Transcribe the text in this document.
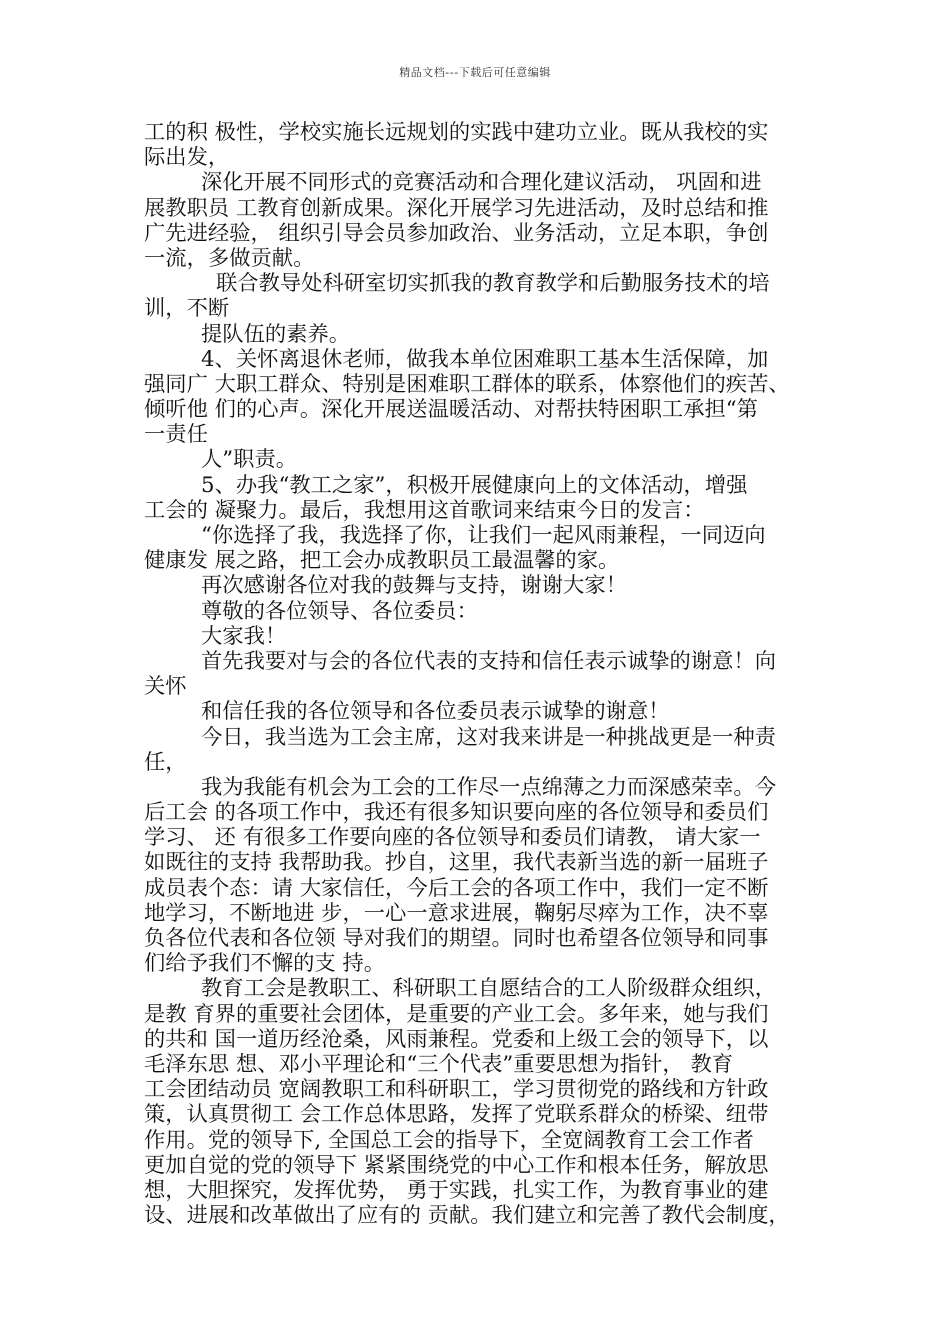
精品文档---下载后可任意编辑
工的积 极性，学校实施长远规划的实践中建功立业。既从我校的实
际出发，
深化开展不同形式的竞赛活动和合理化建议活动， 巩固和进
展教职员 工教育创新成果。深化开展学习先进活动，及时总结和推
广先进经验， 组织引导会员参加政治、业务活动，立足本职，争创
一流，多做贡献。
联合教导处科研室切实抓我的教育教学和后勤服务技术的培
训，不断
提队伍的素养。
4、关怀离退休老师，做我本单位困难职工基本生活保障，加
强同广 大职工群众、特别是困难职工群体的联系，体察他们的疾苦、
倾听他 们的心声。深化开展送温暖活动、对帮扶特困职工承担“第
一责任
人”职责。
5、办我“教工之家”，积极开展健康向上的文体活动，增强
工会的 凝聚力。最后，我想用这首歌词来结束今日的发言：
“你选择了我，我选择了你，让我们一起风雨兼程，一同迈向
健康发 展之路，把工会办成教职员工最温馨的家。
再次感谢各位对我的鼓舞与支持，谢谢大家！
尊敬的各位领导、各位委员：
大家我！
首先我要对与会的各位代表的支持和信任表示诚挚的谢意！向
关怀
和信任我的各位领导和各位委员表示诚挚的谢意！
今日，我当选为工会主席，这对我来讲是一种挑战更是一种责
任，
我为我能有机会为工会的工作尽一点绵薄之力而深感荣幸。今
后工会 的各项工作中，我还有很多知识要向座的各位领导和委员们
学习、 还 有很多工作要向座的各位领导和委员们请教， 请大家一
如既往的支持 我帮助我。抄自，这里，我代表新当选的新一届班子
成员表个态：请 大家信任，今后工会的各项工作中，我们一定不断
地学习，不断地进 步，一心一意求进展，鞠躬尽瘁为工作，决不辜
负各位代表和各位领 导对我们的期望。同时也希望各位领导和同事
们给予我们不懈的支 持。
教育工会是教职工、科研职工自愿结合的工人阶级群众组织，
是教 育界的重要社会团体，是重要的产业工会。多年来，她与我们
的共和 国一道历经沧桑，风雨兼程。党委和上级工会的领导下，以
毛泽东思 想、邓小平理论和“三个代表”重要思想为指针， 教育
工会团结动员 宽阔教职工和科研职工，学习贯彻党的路线和方针政
策，认真贯彻工 会工作总体思路，发挥了党联系群众的桥梁、纽带
作用。党的领导下, 全国总工会的指导下，全宽阔教育工会工作者
更加自觉的党的领导下 紧紧围绕党的中心工作和根本任务，解放思
想，大胆探究，发挥优势， 勇于实践，扎实工作，为教育事业的建
设、进展和改革做出了应有的 贡献。我们建立和完善了教代会制度，
